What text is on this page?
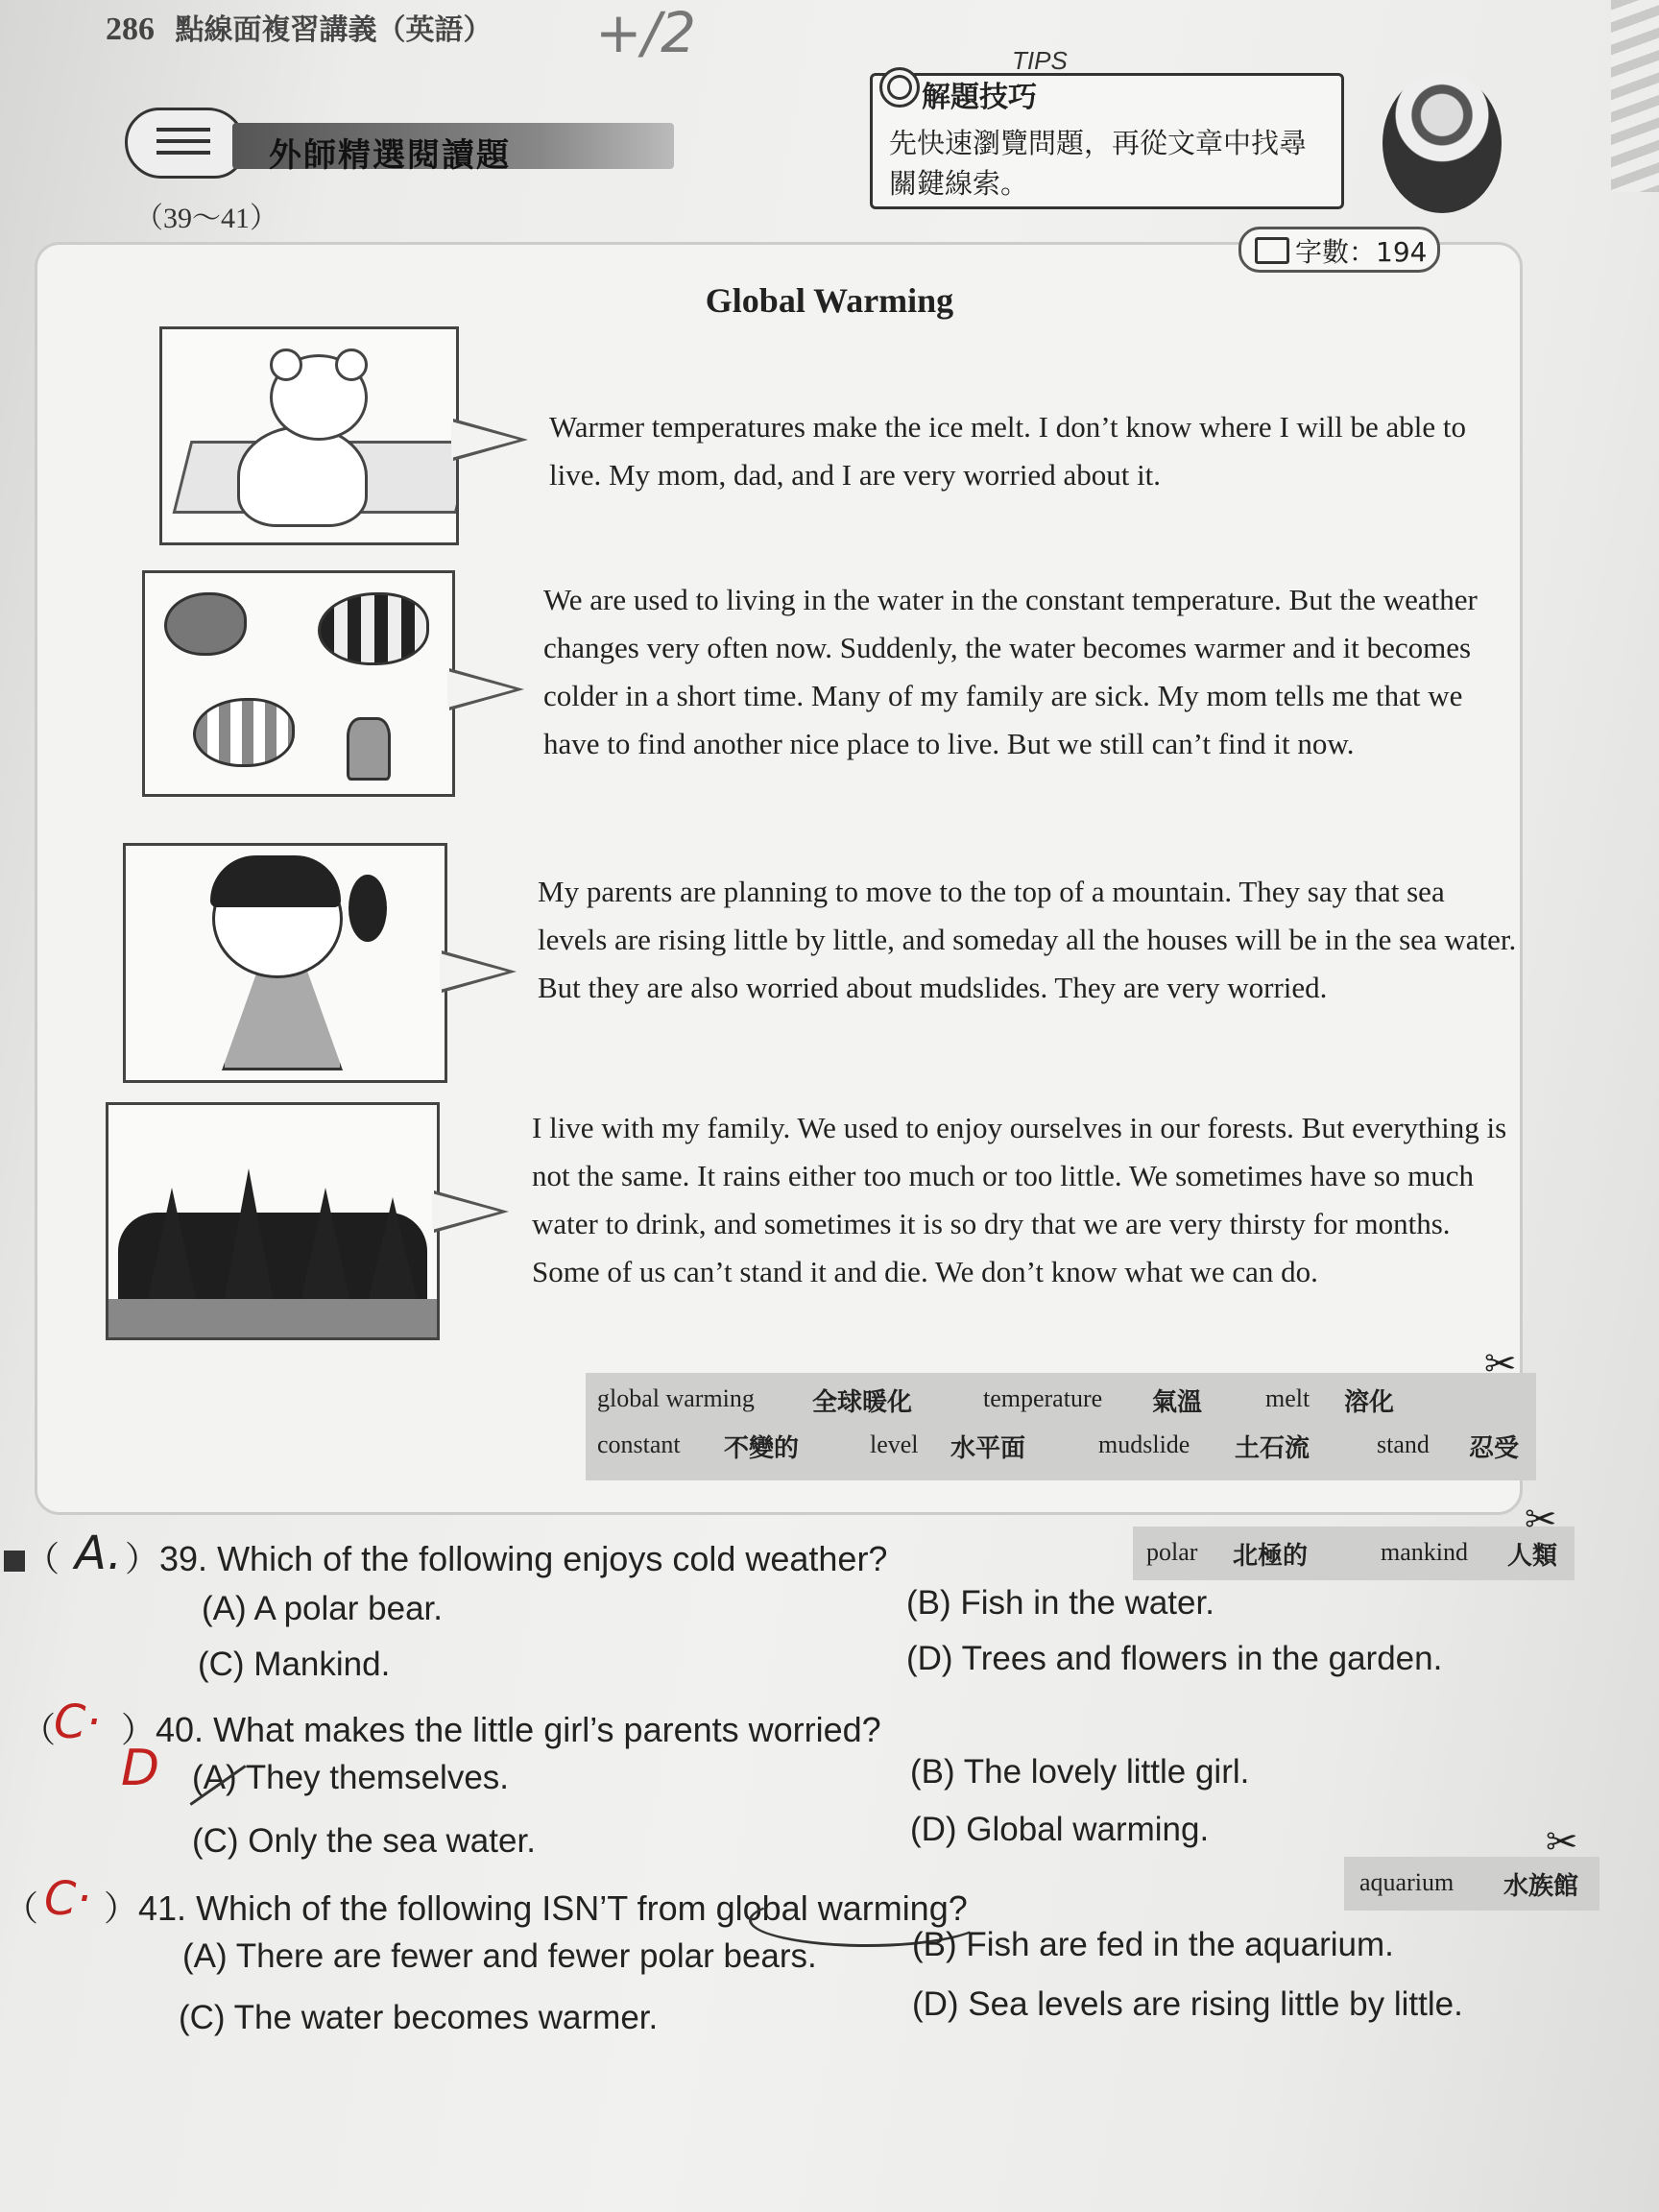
286 點線面複習講義（英語） +/2
外師精選閱讀題
（39～41）
TIPS
解題技巧
先快速瀏覽問題，再從文章中找尋關鍵線索。
字數：194
Global Warming
Warmer temperatures make the ice melt. I don’t know where I will be able to live. My mom, dad, and I are very worried about it.
We are used to living in the water in the constant temperature. But the weather changes very often now. Suddenly, the water becomes warmer and it becomes colder in a short time. Many of my family are sick. My mom tells me that we have to find another nice place to live. But we still can’t find it now.
My parents are planning to move to the top of a mountain. They say that sea levels are rising little by little, and someday all the houses will be in the sea water. But they are also worried about mudslides. They are very worried.
I live with my family. We used to enjoy ourselves in our forests. But everything is not the same. It rains either too much or too little. We sometimes have so much water to drink, and sometimes it is so dry that we are very thirsty for months. Some of us can’t stand it and die. We don’t know what we can do.
global warming 全球暖化	temperature 氣溫	melt 溶化
constant 不變的	level 水平面	mudslide 土石流	stand 忍受
✂
polar 北極的	mankind 人類
✂
aquarium 水族館
✂
（ A. ）39. Which of the following enjoys cold weather?
(A) A polar bear.	(B) Fish in the water.
(C) Mankind.	(D) Trees and flowers in the garden.
（
C·
D
）40. What makes the little girl’s parents worried?
(A) They themselves.	(B) The lovely little girl.
(C) Only the sea water.	(D) Global warming.
（ C· ）41. Which of the following ISN’T from global warming?
(A) There are fewer and fewer polar bears.	(B) Fish are fed in the aquarium.
(C) The water becomes warmer.	(D) Sea levels are rising little by little.
